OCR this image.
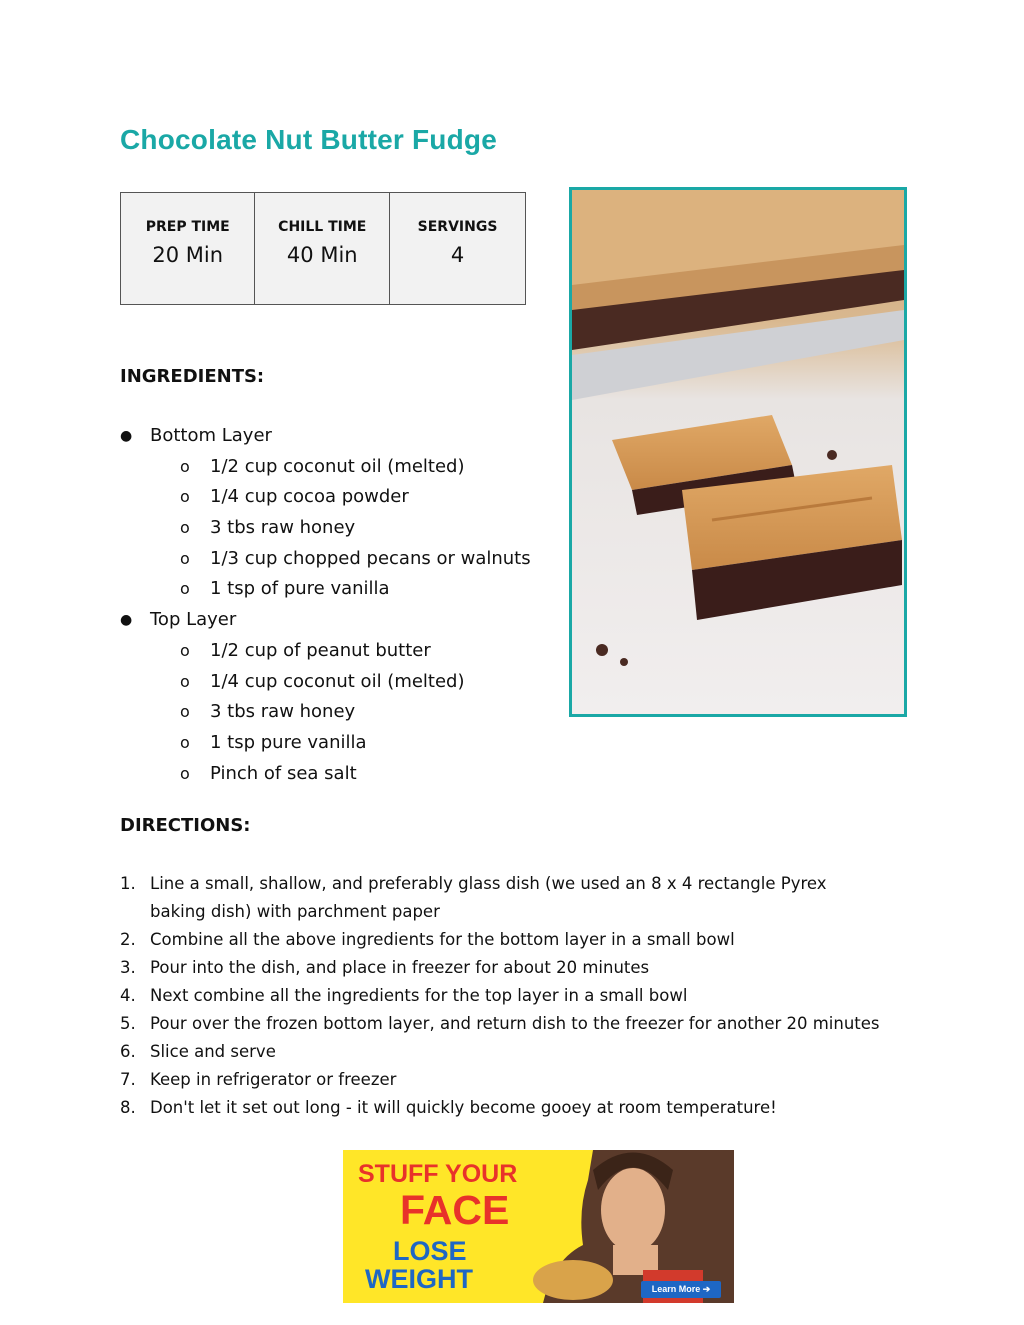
Chocolate Nut Butter Fudge
PREP TIME
20 Min

CHILL TIME
40 Min

SERVINGS
4
INGREDIENTS:
● Bottom Layer
o 1/2 cup coconut oil (melted)
o 1/4 cup cocoa powder
o 3 tbs raw honey
o 1/3 cup chopped pecans or walnuts
o 1 tsp of pure vanilla
● Top Layer
o 1/2 cup of peanut butter
o 1/4 cup coconut oil (melted)
o 3 tbs raw honey
o 1 tsp pure vanilla
o Pinch of sea salt
DIRECTIONS:
1. Line a small, shallow, and preferably glass dish (we used an 8 x 4 rectangle Pyrex baking dish) with parchment paper
2. Combine all the above ingredients for the bottom layer in a small bowl
3. Pour into the dish, and place in freezer for about 20 minutes
4. Next combine all the ingredients for the top layer in a small bowl
5. Pour over the frozen bottom layer, and return dish to the freezer for another 20 minutes
6. Slice and serve
7. Keep in refrigerator or freezer
8. Don't let it set out long - it will quickly become gooey at room temperature!
STUFF YOUR
FACE
LOSE
WEIGHT	Learn More ➔
